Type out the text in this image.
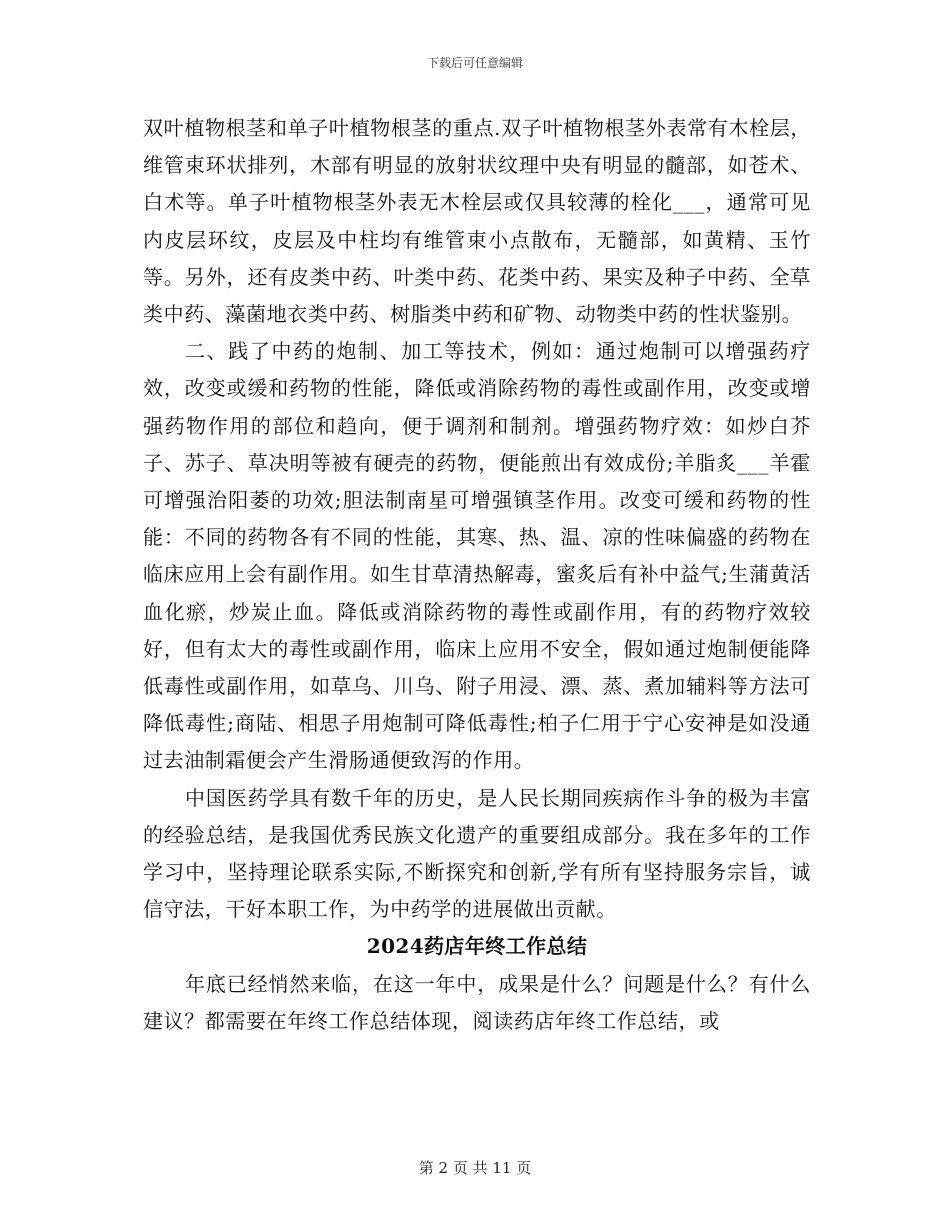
下载后可任意编辑

双叶植物根茎和单子叶植物根茎的重点.双子叶植物根茎外表常有木栓层，维管束环状排列，木部有明显的放射状纹理中央有明显的髓部，如苍术、白术等。单子叶植物根茎外表无木栓层或仅具较薄的栓化___，通常可见内皮层环纹，皮层及中柱均有维管束小点散布，无髓部，如黄精、玉竹等。另外，还有皮类中药、叶类中药、花类中药、果实及种子中药、全草类中药、藻菌地衣类中药、树脂类中药和矿物、动物类中药的性状鉴别。

二、践了中药的炮制、加工等技术，例如：通过炮制可以增强药疗效，改变或缓和药物的性能，降低或消除药物的毒性或副作用，改变或增强药物作用的部位和趋向，便于调剂和制剂。增强药物疗效：如炒白芥子、苏子、草决明等被有硬壳的药物，便能煎出有效成份;羊脂炙___羊霍可增强治阳萎的功效;胆法制南星可增强镇茎作用。改变可缓和药物的性能：不同的药物各有不同的性能，其寒、热、温、凉的性味偏盛的药物在临床应用上会有副作用。如生甘草清热解毒，蜜炙后有补中益气;生蒲黄活血化瘀，炒炭止血。降低或消除药物的毒性或副作用，有的药物疗效较好，但有太大的毒性或副作用，临床上应用不安全，假如通过炮制便能降低毒性或副作用，如草乌、川乌、附子用浸、漂、蒸、煮加辅料等方法可降低毒性;商陆、相思子用炮制可降低毒性;柏子仁用于宁心安神是如没通过去油制霜便会产生滑肠通便致泻的作用。

中国医药学具有数千年的历史，是人民长期同疾病作斗争的极为丰富的经验总结，是我国优秀民族文化遗产的重要组成部分。我在多年的工作学习中，坚持理论联系实际,不断探究和创新,学有所有坚持服务宗旨，诚信守法，干好本职工作，为中药学的进展做出贡献。

2024药店年终工作总结

年底已经悄然来临，在这一年中，成果是什么？问题是什么？有什么建议？都需要在年终工作总结体现，阅读药店年终工作总结，或

第 2 页 共 11 页
